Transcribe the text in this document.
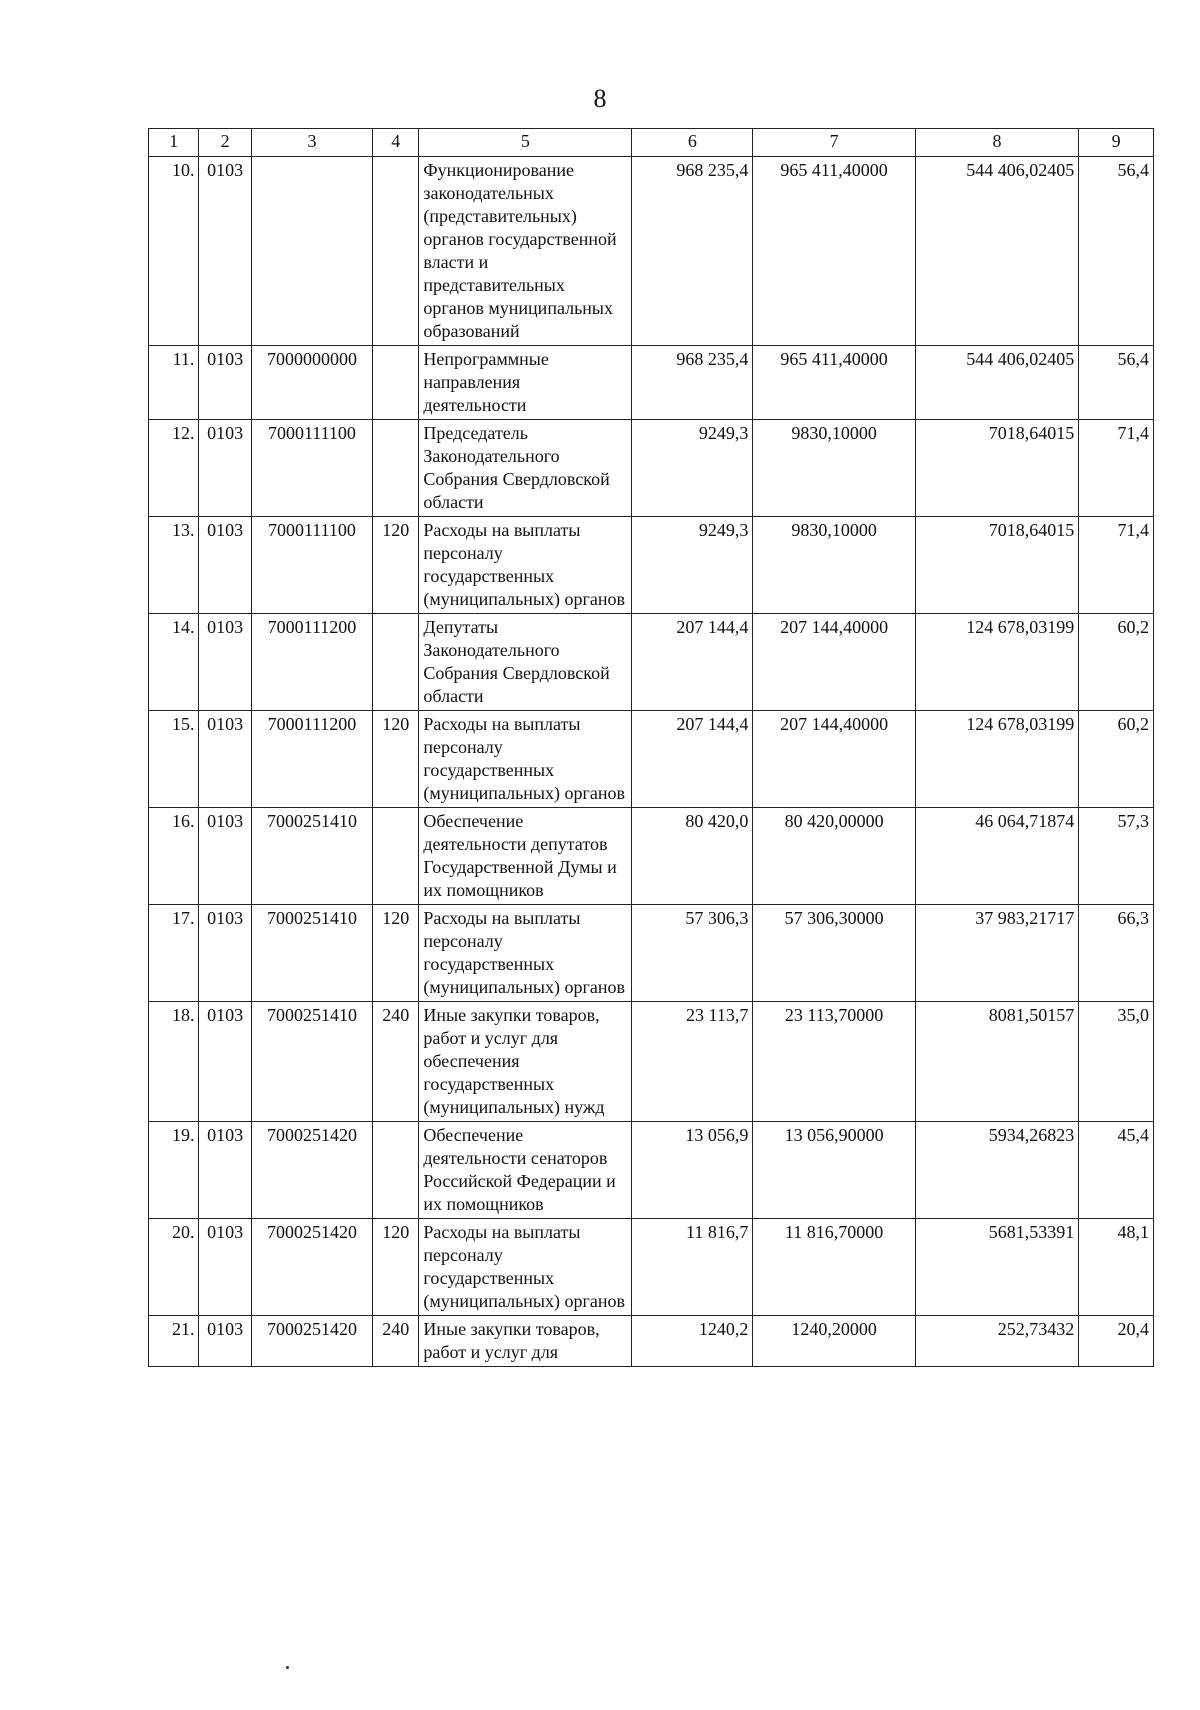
8
1	2	3	4	5	6	7	8	9
10.	0103			Функционирование законодательных (представительных) органов государственной власти и представительных органов муниципальных образований	968 235,4	965 411,40000	544 406,02405	56,4
11.	0103	7000000000		Непрограммные направления деятельности	968 235,4	965 411,40000	544 406,02405	56,4
12.	0103	7000111100		Председатель Законодательного Собрания Свердловской области	9249,3	9830,10000	7018,64015	71,4
13.	0103	7000111100	120	Расходы на выплаты персоналу государственных (муниципальных) органов	9249,3	9830,10000	7018,64015	71,4
14.	0103	7000111200		Депутаты Законодательного Собрания Свердловской области	207 144,4	207 144,40000	124 678,03199	60,2
15.	0103	7000111200	120	Расходы на выплаты персоналу государственных (муниципальных) органов	207 144,4	207 144,40000	124 678,03199	60,2
16.	0103	7000251410		Обеспечение деятельности депутатов Государственной Думы и их помощников	80 420,0	80 420,00000	46 064,71874	57,3
17.	0103	7000251410	120	Расходы на выплаты персоналу государственных (муниципальных) органов	57 306,3	57 306,30000	37 983,21717	66,3
18.	0103	7000251410	240	Иные закупки товаров, работ и услуг для обеспечения государственных (муниципальных) нужд	23 113,7	23 113,70000	8081,50157	35,0
19.	0103	7000251420		Обеспечение деятельности сенаторов Российской Федерации и их помощников	13 056,9	13 056,90000	5934,26823	45,4
20.	0103	7000251420	120	Расходы на выплаты персоналу государственных (муниципальных) органов	11 816,7	11 816,70000	5681,53391	48,1
21.	0103	7000251420	240	Иные закупки товаров, работ и услуг для	1240,2	1240,20000	252,73432	20,4
